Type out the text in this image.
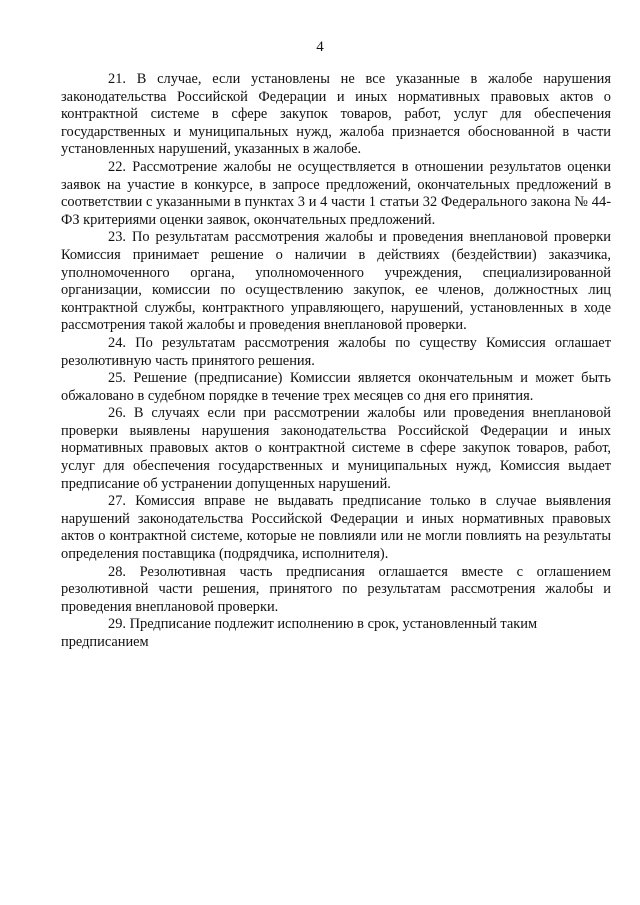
4

21. В случае, если установлены не все указанные в жалобе нарушения законодательства Российской Федерации и иных нормативных правовых актов о контрактной системе в сфере закупок товаров, работ, услуг для обеспечения государственных и муниципальных нужд, жалоба признается обоснованной в части установленных нарушений, указанных в жалобе.

22. Рассмотрение жалобы не осуществляется в отношении результатов оценки заявок на участие в конкурсе, в запросе предложений, окончательных предложений в соответствии с указанными в пунктах 3 и 4 части 1 статьи 32 Федерального закона № 44-ФЗ критериями оценки заявок, окончательных предложений.

23. По результатам рассмотрения жалобы и проведения внеплановой проверки Комиссия принимает решение о наличии в действиях (бездействии) заказчика, уполномоченного органа, уполномоченного учреждения, специализированной организации, комиссии по осуществлению закупок, ее членов, должностных лиц контрактной службы, контрактного управляющего, нарушений, установленных в ходе рассмотрения такой жалобы и проведения внеплановой проверки.

24. По результатам рассмотрения жалобы по существу Комиссия оглашает резолютивную часть принятого решения.

25. Решение (предписание) Комиссии является окончательным и может быть обжаловано в судебном порядке в течение трех месяцев со дня его принятия.

26. В случаях если при рассмотрении жалобы или проведения внеплановой проверки выявлены нарушения законодательства Российской Федерации и иных нормативных правовых актов о контрактной системе в сфере закупок товаров, работ, услуг для обеспечения государственных и муниципальных нужд, Комиссия выдает предписание об устранении допущенных нарушений.

27. Комиссия вправе не выдавать предписание только в случае выявления нарушений законодательства Российской Федерации и иных нормативных правовых актов о контрактной системе, которые не повлияли или не могли повлиять на результаты определения поставщика (подрядчика, исполнителя).

28. Резолютивная часть предписания оглашается вместе с оглашением резолютивной части решения, принятого по результатам рассмотрения жалобы и проведения внеплановой проверки.

29. Предписание подлежит исполнению в срок, установленный таким предписанием
